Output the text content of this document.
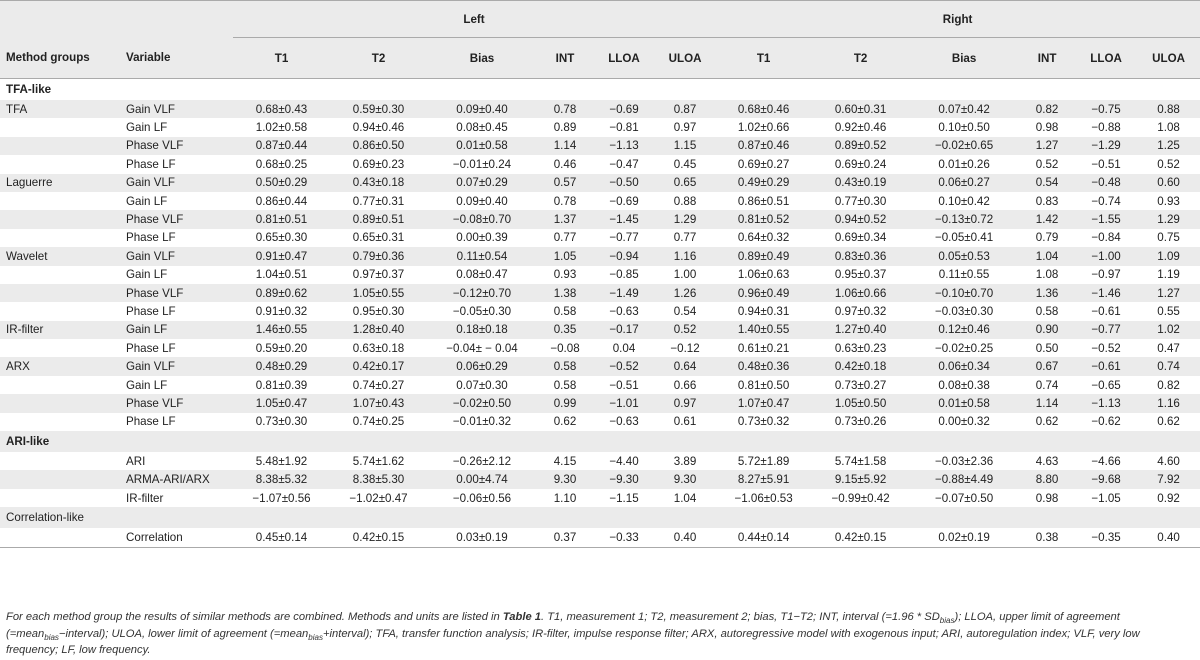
		Left						Right					
Method groups	Variable	T1	T2	Bias	INT	LLOA	ULOA	T1	T2	Bias	INT	LLOA	ULOA
TFA-like													
TFA	Gain VLF	0.68±0.43	0.59±0.30	0.09±0.40	0.78	−0.69	0.87	0.68±0.46	0.60±0.31	0.07±0.42	0.82	−0.75	0.88
	Gain LF	1.02±0.58	0.94±0.46	0.08±0.45	0.89	−0.81	0.97	1.02±0.66	0.92±0.46	0.10±0.50	0.98	−0.88	1.08
	Phase VLF	0.87±0.44	0.86±0.50	0.01±0.58	1.14	−1.13	1.15	0.87±0.46	0.89±0.52	−0.02±0.65	1.27	−1.29	1.25
	Phase LF	0.68±0.25	0.69±0.23	−0.01±0.24	0.46	−0.47	0.45	0.69±0.27	0.69±0.24	0.01±0.26	0.52	−0.51	0.52
Laguerre	Gain VLF	0.50±0.29	0.43±0.18	0.07±0.29	0.57	−0.50	0.65	0.49±0.29	0.43±0.19	0.06±0.27	0.54	−0.48	0.60
	Gain LF	0.86±0.44	0.77±0.31	0.09±0.40	0.78	−0.69	0.88	0.86±0.51	0.77±0.30	0.10±0.42	0.83	−0.74	0.93
	Phase VLF	0.81±0.51	0.89±0.51	−0.08±0.70	1.37	−1.45	1.29	0.81±0.52	0.94±0.52	−0.13±0.72	1.42	−1.55	1.29
	Phase LF	0.65±0.30	0.65±0.31	0.00±0.39	0.77	−0.77	0.77	0.64±0.32	0.69±0.34	−0.05±0.41	0.79	−0.84	0.75
Wavelet	Gain VLF	0.91±0.47	0.79±0.36	0.11±0.54	1.05	−0.94	1.16	0.89±0.49	0.83±0.36	0.05±0.53	1.04	−1.00	1.09
	Gain LF	1.04±0.51	0.97±0.37	0.08±0.47	0.93	−0.85	1.00	1.06±0.63	0.95±0.37	0.11±0.55	1.08	−0.97	1.19
	Phase VLF	0.89±0.62	1.05±0.55	−0.12±0.70	1.38	−1.49	1.26	0.96±0.49	1.06±0.66	−0.10±0.70	1.36	−1.46	1.27
	Phase LF	0.91±0.32	0.95±0.30	−0.05±0.30	0.58	−0.63	0.54	0.94±0.31	0.97±0.32	−0.03±0.30	0.58	−0.61	0.55
IR-filter	Gain LF	1.46±0.55	1.28±0.40	0.18±0.18	0.35	−0.17	0.52	1.40±0.55	1.27±0.40	0.12±0.46	0.90	−0.77	1.02
	Phase LF	0.59±0.20	0.63±0.18	−0.04± − 0.04	−0.08	0.04	−0.12	0.61±0.21	0.63±0.23	−0.02±0.25	0.50	−0.52	0.47
ARX	Gain VLF	0.48±0.29	0.42±0.17	0.06±0.29	0.58	−0.52	0.64	0.48±0.36	0.42±0.18	0.06±0.34	0.67	−0.61	0.74
	Gain LF	0.81±0.39	0.74±0.27	0.07±0.30	0.58	−0.51	0.66	0.81±0.50	0.73±0.27	0.08±0.38	0.74	−0.65	0.82
	Phase VLF	1.05±0.47	1.07±0.43	−0.02±0.50	0.99	−1.01	0.97	1.07±0.47	1.05±0.50	0.01±0.58	1.14	−1.13	1.16
	Phase LF	0.73±0.30	0.74±0.25	−0.01±0.32	0.62	−0.63	0.61	0.73±0.32	0.73±0.26	0.00±0.32	0.62	−0.62	0.62
ARI-like													
	ARI	5.48±1.92	5.74±1.62	−0.26±2.12	4.15	−4.40	3.89	5.72±1.89	5.74±1.58	−0.03±2.36	4.63	−4.66	4.60
	ARMA-ARI/ARX	8.38±5.32	8.38±5.30	0.00±4.74	9.30	−9.30	9.30	8.27±5.91	9.15±5.92	−0.88±4.49	8.80	−9.68	7.92
	IR-filter	−1.07±0.56	−1.02±0.47	−0.06±0.56	1.10	−1.15	1.04	−1.06±0.53	−0.99±0.42	−0.07±0.50	0.98	−1.05	0.92
Correlation-like													
	Correlation	0.45±0.14	0.42±0.15	0.03±0.19	0.37	−0.33	0.40	0.44±0.14	0.42±0.15	0.02±0.19	0.38	−0.35	0.40

For each method group the results of similar methods are combined. Methods and units are listed in Table 1. T1, measurement 1; T2, measurement 2; bias, T1−T2; INT, interval $(=1.96 * SD_{bias})$; LLOA, upper limit of agreement (=mean$_{bias}$−interval); ULOA, lower limit of agreement (=mean$_{bias}$+interval); TFA, transfer function analysis; IR-filter, impulse response filter; ARX, autoregressive model with exogenous input; ARI, autoregulation index; VLF, very low frequency; LF, low frequency.
